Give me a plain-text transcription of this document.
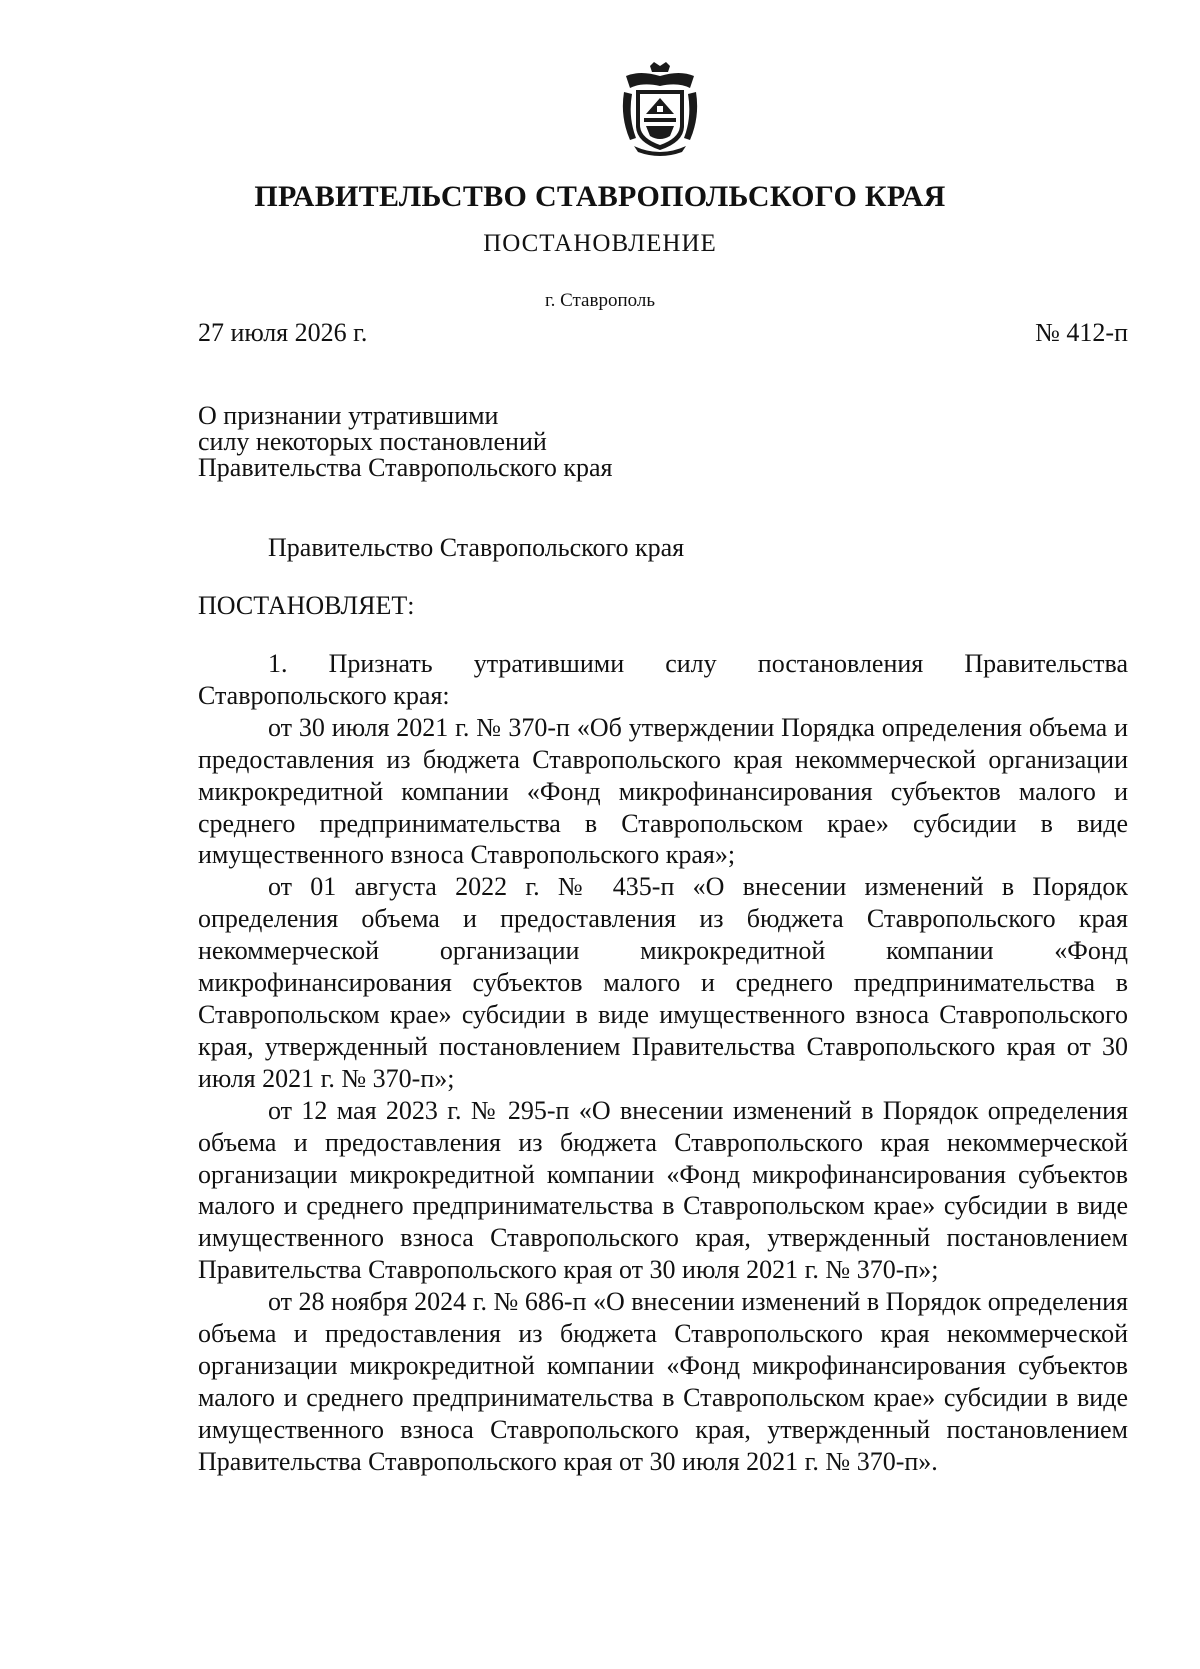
ПРАВИТЕЛЬСТВО СТАВРОПОЛЬСКОГО КРАЯ
ПОСТАНОВЛЕНИЕ
г. Ставрополь
27 июля 2026 г.	№ 412-п
О признании утратившими
силу некоторых постановлений
Правительства Ставропольского края
Правительство Ставропольского края
ПОСТАНОВЛЯЕТ:

1. Признать утратившими силу постановления Правительства Ставропольского края:

от 30 июля 2021 г. № 370-п «Об утверждении Порядка определения объема и предоставления из бюджета Ставропольского края некоммерческой организации микрокредитной компании «Фонд микрофинансирования субъектов малого и среднего предпринимательства в Ставропольском крае» субсидии в виде имущественного взноса Ставропольского края»;

от 01 августа 2022 г. № 435-п «О внесении изменений в Порядок определения объема и предоставления из бюджета Ставропольского края некоммерческой организации микрокредитной компании «Фонд микрофинансирования субъектов малого и среднего предпринимательства в Ставропольском крае» субсидии в виде имущественного взноса Ставропольского края, утвержденный постановлением Правительства Ставропольского края от 30 июля 2021 г. № 370-п»;

от 12 мая 2023 г. № 295-п «О внесении изменений в Порядок определения объема и предоставления из бюджета Ставропольского края некоммерческой организации микрокредитной компании «Фонд микрофинансирования субъектов малого и среднего предпринимательства в Ставропольском крае» субсидии в виде имущественного взноса Ставропольского края, утвержденный постановлением Правительства Ставропольского края от 30 июля 2021 г. № 370-п»;

от 28 ноября 2024 г. № 686-п «О внесении изменений в Порядок определения объема и предоставления из бюджета Ставропольского края некоммерческой организации микрокредитной компании «Фонд микрофинансирования субъектов малого и среднего предпринимательства в Ставропольском крае» субсидии в виде имущественного взноса Ставропольского края, утвержденный постановлением Правительства Ставропольского края от 30 июля 2021 г. № 370-п».
